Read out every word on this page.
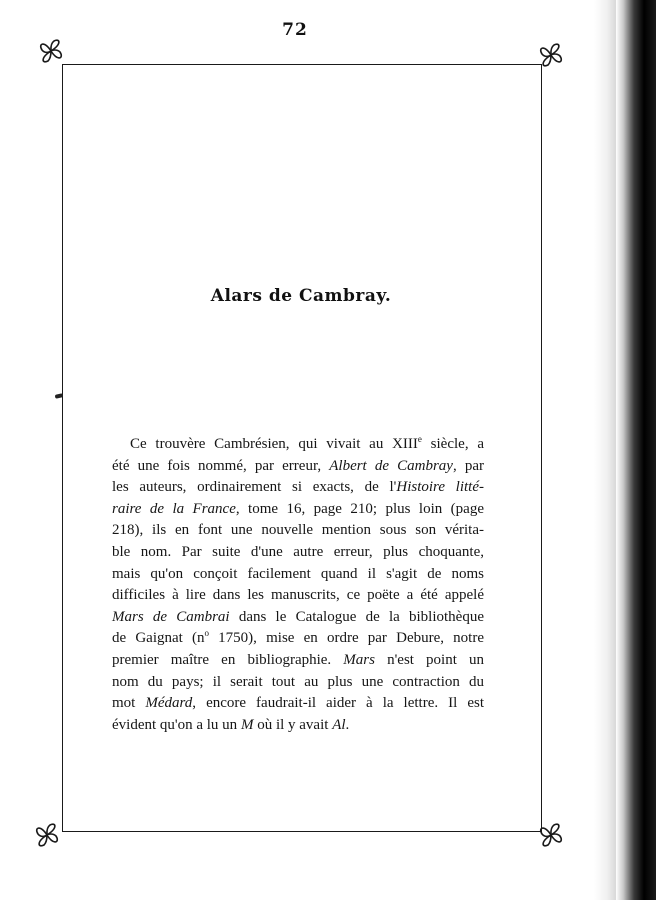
72
Alars de Cambray.
Ce trouvère Cambrésien, qui vivait au XIIIe siècle, a
été une fois nommé, par erreur, Albert de Cambray, par
les auteurs, ordinairement si exacts, de l'Histoire litté-
raire de la France, tome 16, page 210; plus loin (page
218), ils en font une nouvelle mention sous son vérita-
ble nom. Par suite d'une autre erreur, plus choquante,
mais qu'on conçoit facilement quand il s'agit de noms
difficiles à lire dans les manuscrits, ce poëte a été appelé
Mars de Cambrai dans le Catalogue de la bibliothèque
de Gaignat ($n^o$ 1750), mise en ordre par Debure, notre
premier maître en bibliographie. Mars n'est point un
nom du pays; il serait tout au plus une contraction du
mot Médard, encore faudrait-il aider à la lettre. Il est
évident qu'on a lu un M où il y avait Al.
